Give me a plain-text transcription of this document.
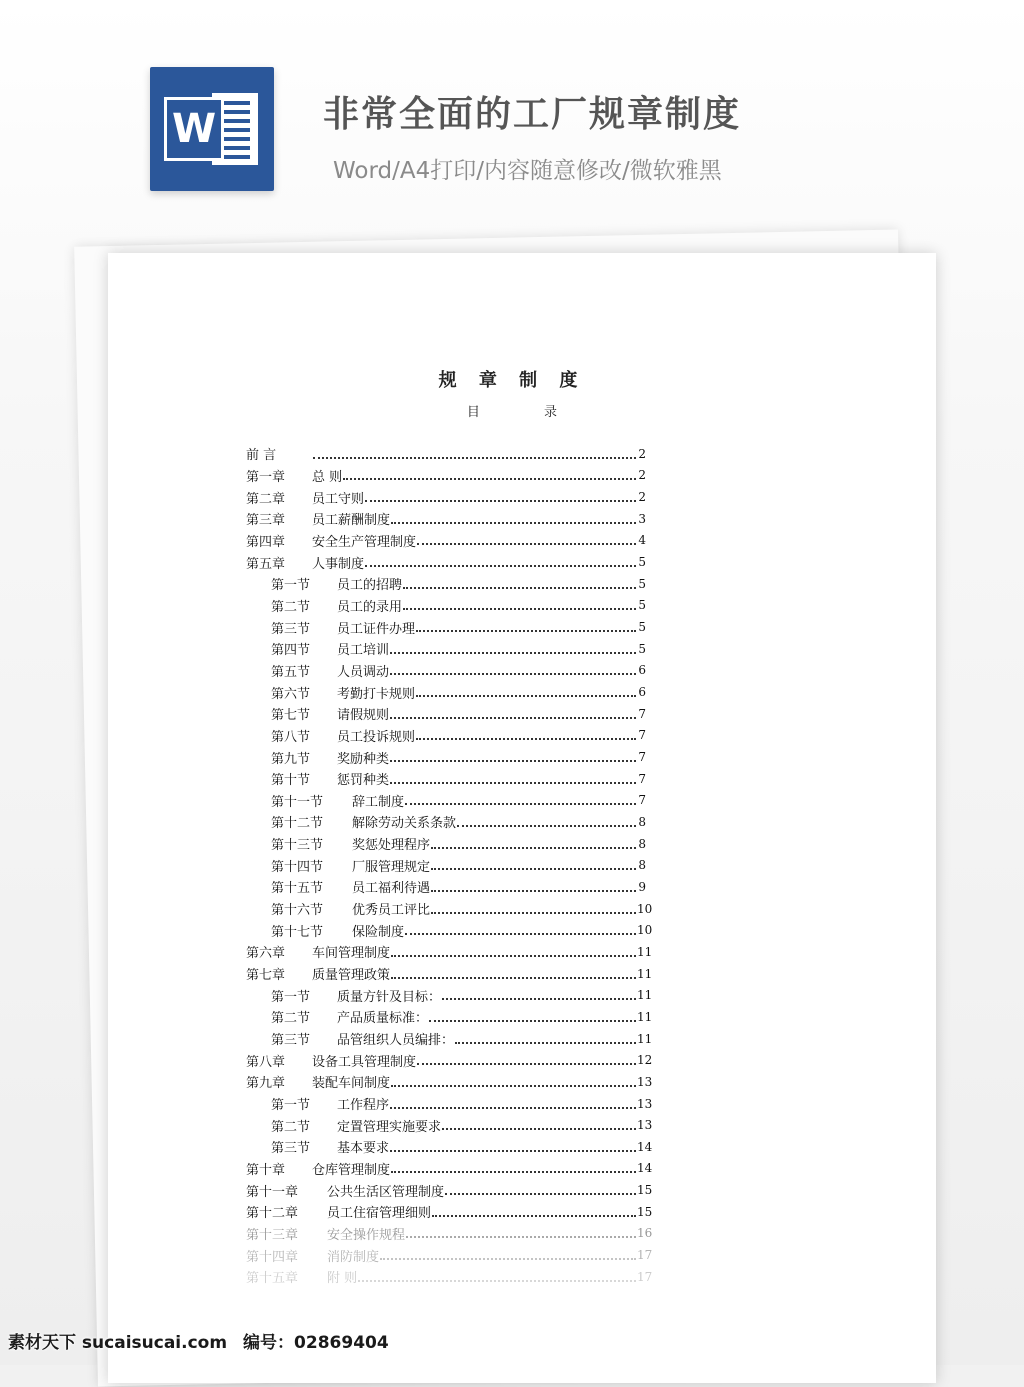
W	非常全面的工厂规章制度
Word/A4打印/内容随意修改/微软雅黑
规 章 制 度
目 录
前 言	2
第一章	总 则	2
第二章	员工守则	2
第三章	员工薪酬制度	3
第四章	安全生产管理制度	4
第五章	人事制度	5
第一节	员工的招聘	5
第二节	员工的录用	5
第三节	员工证件办理	5
第四节	员工培训	5
第五节	人员调动	6
第六节	考勤打卡规则	6
第七节	请假规则	7
第八节	员工投诉规则	7
第九节	奖励种类	7
第十节	惩罚种类	7
第十一节	辞工制度	7
第十二节	解除劳动关系条款	8
第十三节	奖惩处理程序	8
第十四节	厂服管理规定	8
第十五节	员工福利待遇	9
第十六节	优秀员工评比	10
第十七节	保险制度	10
第六章	车间管理制度	11
第七章	质量管理政策	11
第一节	质量方针及目标：	11
第二节	产品质量标准：	11
第三节	品管组织人员编排：	11
第八章	设备工具管理制度	12
第九章	装配车间制度	13
第一节	工作程序	13
第二节	定置管理实施要求	13
第三节	基本要求	14
第十章	仓库管理制度	14
第十一章	公共生活区管理制度	15
第十二章	员工住宿管理细则	15
第十三章	安全操作规程	16
第十四章	消防制度	17
第十五章	附 则	17
素材天下 sucaisucai.com 编号：02869404
